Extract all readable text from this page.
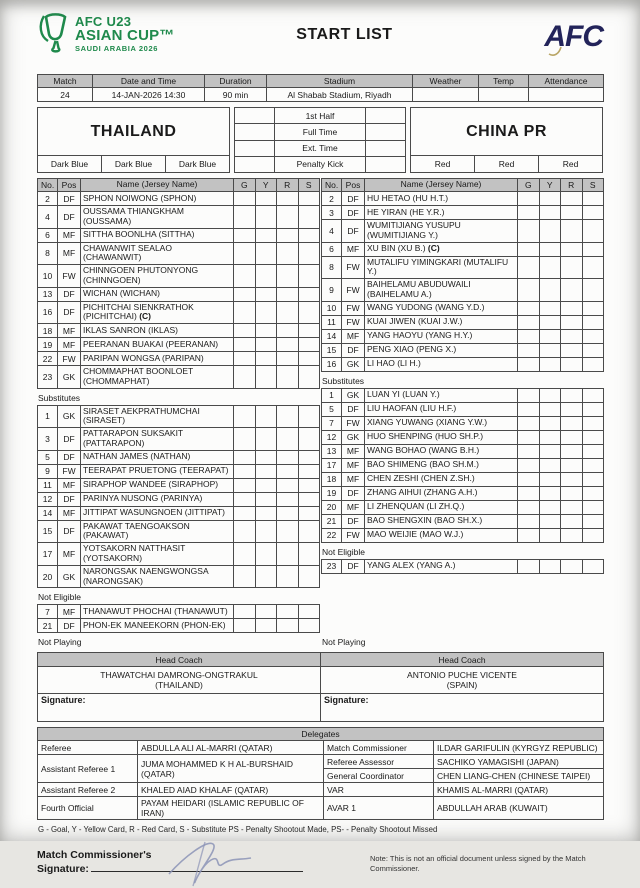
AFC U23
ASIAN CUP™
SAUDI ARABIA 2026
START LIST	AFC
Match	Date and Time	Duration	Stadium	Weather	Temp	Attendance
24	14-JAN-2026 14:30	90 min	Al Shabab Stadium, Riyadh			
THAILAND
Dark Blue	Dark Blue	Dark Blue
	1st Half	
	Full Time	
	Ext. Time	
	Penalty Kick	
CHINA PR
Red	Red	Red
No.	Pos	Name (Jersey Name)	G	Y	R	S
2	DF	SPHON NOIWONG (SPHON)				
4	DF	OUSSAMA THIANGKHAM (OUSSAMA)				
6	MF	SITTHA BOONLHA (SITTHA)				
8	MF	CHAWANWIT SEALAO (CHAWANWIT)				
10	FW	CHINNGOEN PHUTONYONG (CHINNGOEN)				
13	DF	WICHAN (WICHAN)				
16	DF	PICHITCHAI SIENKRATHOK (PICHITCHAI) (C)				
18	MF	IKLAS SANRON (IKLAS)				
19	MF	PEERANAN BUAKAI (PEERANAN)				
22	FW	PARIPAN WONGSA (PARIPAN)				
23	GK	CHOMMAPHAT BOONLOET (CHOMMAPHAT)				
Substitutes
1	GK	SIRASET AEKPRATHUMCHAI (SIRASET)				
3	DF	PATTARAPON SUKSAKIT (PATTARAPON)				
5	DF	NATHAN JAMES (NATHAN)				
9	FW	TEERAPAT PRUETONG (TEERAPAT)				
11	MF	SIRAPHOP WANDEE (SIRAPHOP)				
12	DF	PARINYA NUSONG (PARINYA)				
14	MF	JITTIPAT WASUNGNOEN (JITTIPAT)				
15	DF	PAKAWAT TAENGOAKSON (PAKAWAT)				
17	MF	YOTSAKORN NATTHASIT (YOTSAKORN)				
20	GK	NARONGSAK NAENGWONGSA (NARONGSAK)				
Not Eligible
7	MF	THANAWUT PHOCHAI (THANAWUT)				
21	DF	PHON-EK MANEEKORN (PHON-EK)				
Not Playing
No.	Pos	Name (Jersey Name)	G	Y	R	S
2	DF	HU HETAO (HU H.T.)				
3	DF	HE YIRAN (HE Y.R.)				
4	DF	WUMITIJIANG YUSUPU (WUMITIJIANG Y.)				
6	MF	XU BIN (XU B.) (C)				
8	FW	MUTALIFU YIMINGKARI (MUTALIFU Y.)				
9	FW	BAIHELAMU ABUDUWAILI (BAIHELAMU A.)				
10	FW	WANG YUDONG (WANG Y.D.)				
11	FW	KUAI JIWEN (KUAI J.W.)				
14	MF	YANG HAOYU (YANG H.Y.)				
15	DF	PENG XIAO (PENG X.)				
16	GK	LI HAO (LI H.)				
Substitutes
1	GK	LUAN YI (LUAN Y.)				
5	DF	LIU HAOFAN (LIU H.F.)				
7	FW	XIANG YUWANG (XIANG Y.W.)				
12	GK	HUO SHENPING (HUO SH.P.)				
13	MF	WANG BOHAO (WANG B.H.)				
17	MF	BAO SHIMENG (BAO SH.M.)				
18	MF	CHEN ZESHI (CHEN Z.SH.)				
19	DF	ZHANG AIHUI (ZHANG A.H.)				
20	MF	LI ZHENQUAN (LI ZH.Q.)				
21	DF	BAO SHENGXIN (BAO SH.X.)				
22	FW	MAO WEIJIE (MAO W.J.)				
Not Eligible
23	DF	YANG ALEX (YANG A.)				
Not Playing
Head Coach	Head Coach

THAWATCHAI DAMRONG-ONGTRAKUL
(THAILAND)

ANTONIO PUCHE VICENTE
(SPAIN)

Signature:	Signature:
Delegates			
Referee	ABDULLA ALI AL-MARRI (QATAR)	Match Commissioner	ILDAR GARIFULIN (KYRGYZ REPUBLIC)
Assistant Referee 1	JUMA MOHAMMED K H AL-BURSHAID (QATAR)	Referee Assessor	SACHIKO YAMAGISHI (JAPAN)
		General Coordinator	CHEN LIANG-CHEN (CHINESE TAIPEI)
Assistant Referee 2	KHALED AIAD KHALAF (QATAR)	VAR	KHAMIS AL-MARRI (QATAR)
Fourth Official	PAYAM HEIDARI (ISLAMIC REPUBLIC OF IRAN)	AVAR 1	ABDULLAH ARAB (KUWAIT)
G - Goal, Y - Yellow Card, R - Red Card, S - Substitute PS - Penalty Shootout Made, PS- - Penalty Shootout Missed
Match Commissioner's
Signature:
Note: This is not an official document unless signed by the Match Commissioner.
